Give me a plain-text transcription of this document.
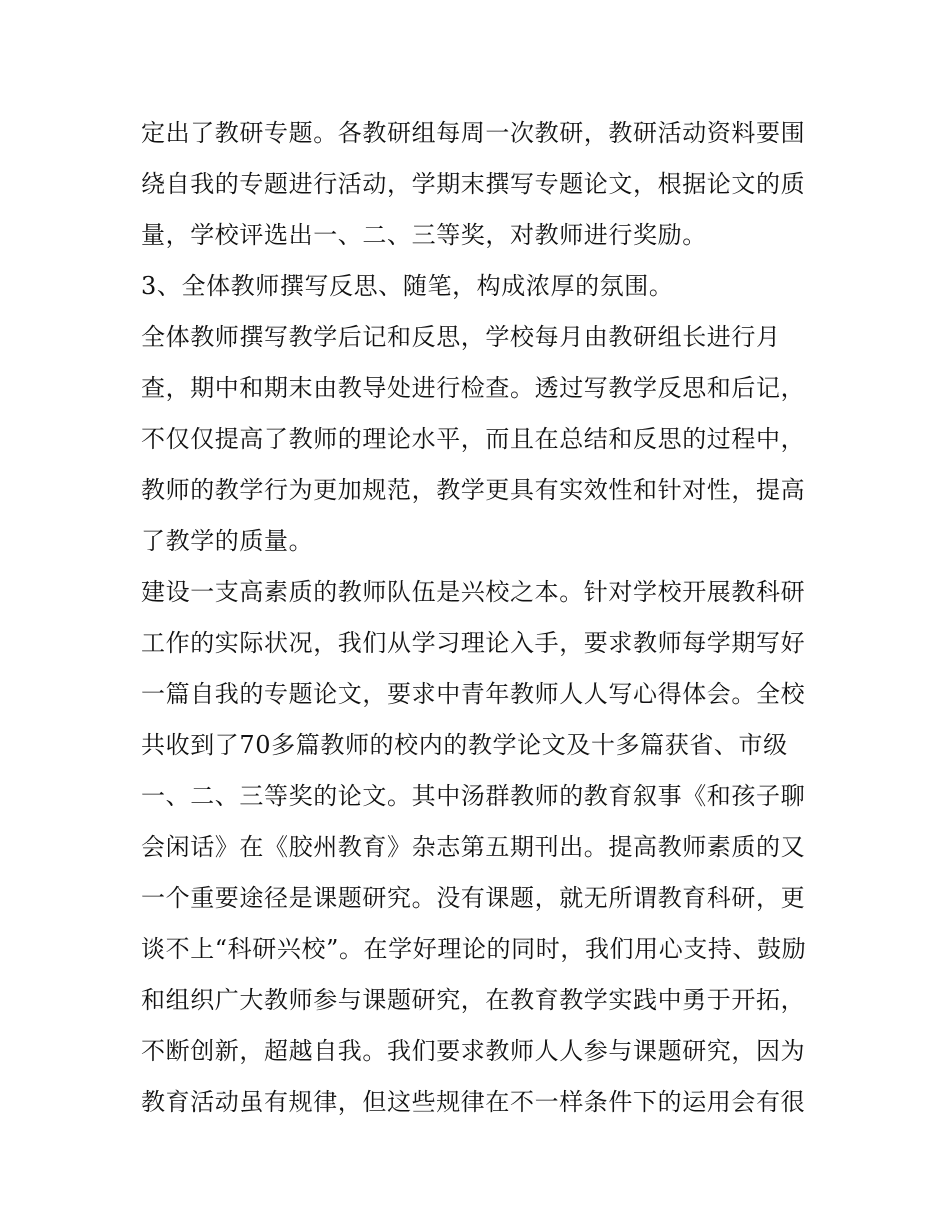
定出了教研专题。各教研组每周一次教研，教研活动资料要围
绕自我的专题进行活动，学期末撰写专题论文，根据论文的质
量，学校评选出一、二、三等奖，对教师进行奖励。
3、全体教师撰写反思、随笔，构成浓厚的氛围。
全体教师撰写教学后记和反思，学校每月由教研组长进行月
查，期中和期末由教导处进行检查。透过写教学反思和后记，
不仅仅提高了教师的理论水平，而且在总结和反思的过程中，
教师的教学行为更加规范，教学更具有实效性和针对性，提高
了教学的质量。
建设一支高素质的教师队伍是兴校之本。针对学校开展教科研
工作的实际状况，我们从学习理论入手，要求教师每学期写好
一篇自我的专题论文，要求中青年教师人人写心得体会。全校
共收到了70多篇教师的校内的教学论文及十多篇获省、市级
一、二、三等奖的论文。其中汤群教师的教育叙事《和孩子聊
会闲话》在《胶州教育》杂志第五期刊出。提高教师素质的又
一个重要途径是课题研究。没有课题，就无所谓教育科研，更
谈不上“科研兴校”。在学好理论的同时，我们用心支持、鼓励
和组织广大教师参与课题研究，在教育教学实践中勇于开拓，
不断创新，超越自我。我们要求教师人人参与课题研究，因为
教育活动虽有规律，但这些规律在不一样条件下的运用会有很
